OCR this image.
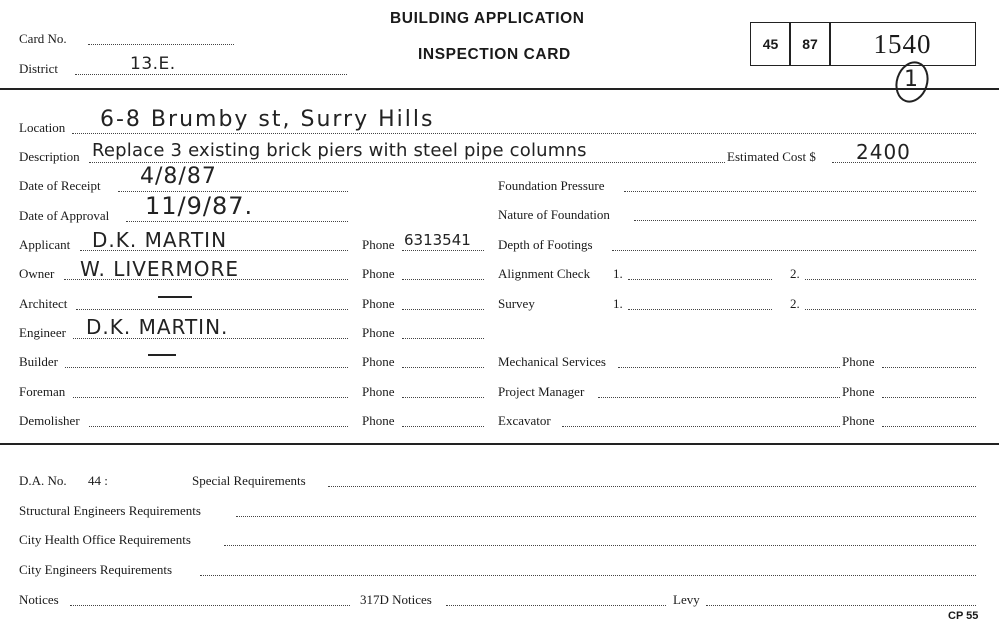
Card No.
District	13.E.
BUILDING APPLICATION
INSPECTION CARD
45	87	1540
1
Location 6-8 Brumby st, Surry Hills
Description Replace 3 existing brick piers with steel pipe columns	Estimated Cost $ 2400
Date of Receipt 4/8/87
Date of Approval 11/9/87.
Applicant D.K. MARTIN	Phone 6313541
Owner W. LIVERMORE	Phone
Architect	Phone
Engineer D.K. MARTIN.	Phone
Builder	Phone
Foreman	Phone
Demolisher	Phone
Foundation Pressure
Nature of Foundation
Depth of Footings
Alignment Check 1.	2.
Survey	1.	2.
Mechanical Services	Phone
Project Manager	Phone
Excavator	Phone
D.A. No. 44 :	Special Requirements
Structural Engineers Requirements
City Health Office Requirements
City Engineers Requirements
Notices	317D Notices	Levy
CP 55
